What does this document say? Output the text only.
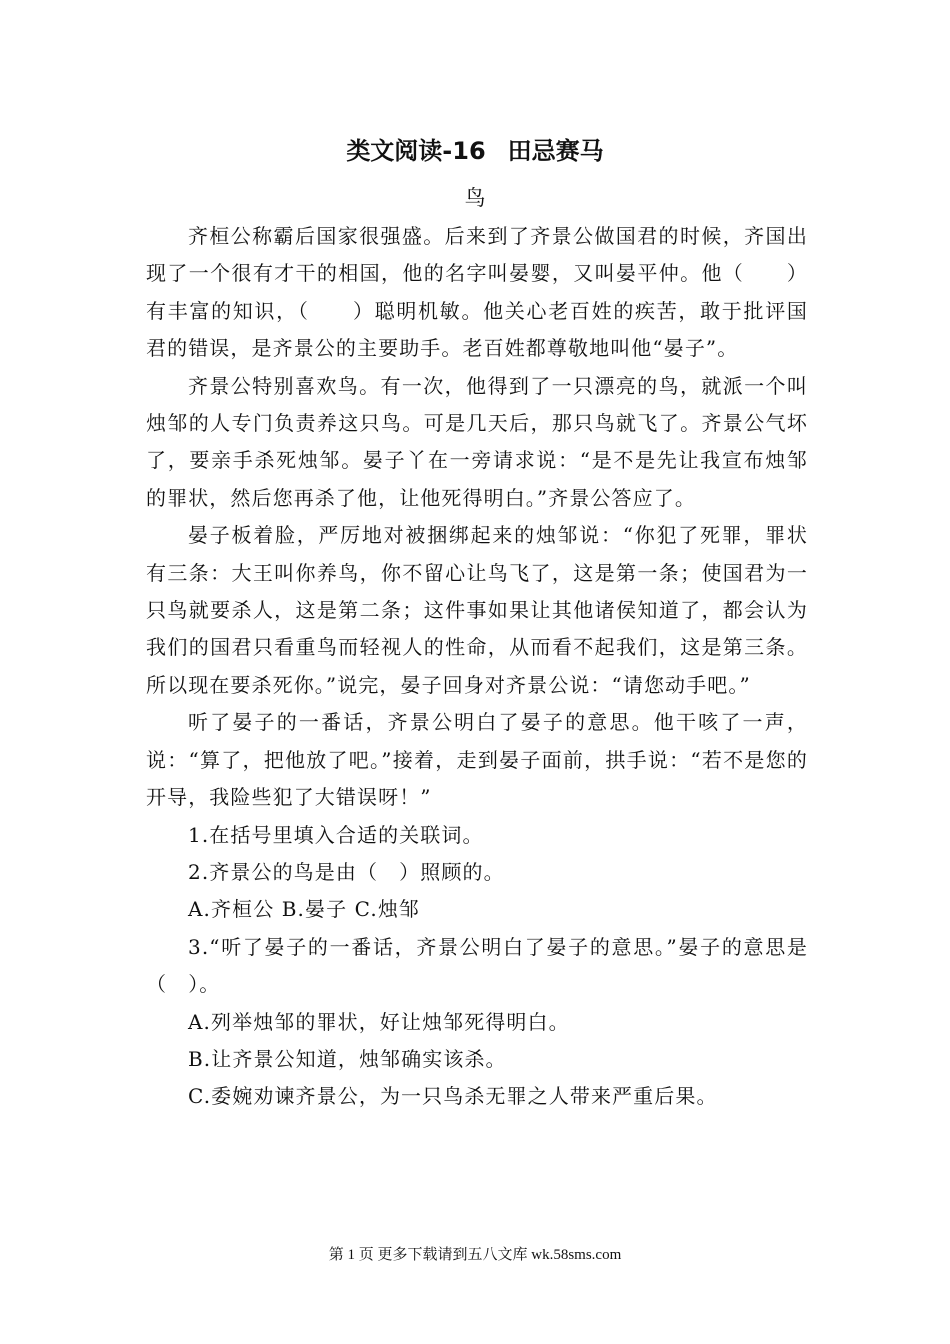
类文阅读-16 田忌赛马
鸟

齐桓公称霸后国家很强盛。后来到了齐景公做国君的时候，齐国出现了一个很有才干的相国，他的名字叫晏婴，又叫晏平仲。他（　　）有丰富的知识，（　　）聪明机敏。他关心老百姓的疾苦，敢于批评国君的错误，是齐景公的主要助手。老百姓都尊敬地叫他“晏子”。

齐景公特别喜欢鸟。有一次，他得到了一只漂亮的鸟，就派一个叫烛邹的人专门负责养这只鸟。可是几天后，那只鸟就飞了。齐景公气坏了，要亲手杀死烛邹。晏子丫在一旁请求说：“是不是先让我宣布烛邹的罪状，然后您再杀了他，让他死得明白。”齐景公答应了。

晏子板着脸，严厉地对被捆绑起来的烛邹说：“你犯了死罪，罪状有三条：大王叫你养鸟，你不留心让鸟飞了，这是第一条；使国君为一只鸟就要杀人，这是第二条；这件事如果让其他诸侯知道了，都会认为我们的国君只看重鸟而轻视人的性命，从而看不起我们，这是第三条。所以现在要杀死你。”说完，晏子回身对齐景公说：“请您动手吧。”

听了晏子的一番话，齐景公明白了晏子的意思。他干咳了一声，说：“算了，把他放了吧。”接着，走到晏子面前，拱手说：“若不是您的开导，我险些犯了大错误呀！”

1.在括号里填入合适的关联词。

2.齐景公的鸟是由（　）照顾的。

A.齐桓公 B.晏子 C.烛邹

3.“听了晏子的一番话，齐景公明白了晏子的意思。”晏子的意思是（　）。

A.列举烛邹的罪状，好让烛邹死得明白。

B.让齐景公知道，烛邹确实该杀。

C.委婉劝谏齐景公，为一只鸟杀无罪之人带来严重后果。

第 1 页 更多下载请到五八文库 wk.58sms.com
